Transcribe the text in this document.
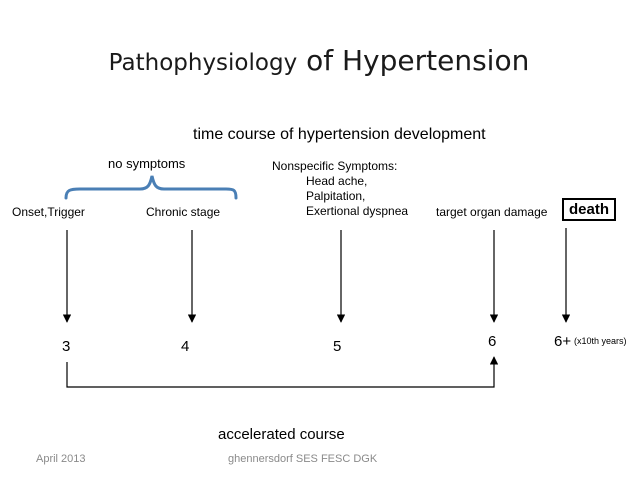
Pathophysiology of Hypertension
time course of hypertension development
no symptoms	Nonspecific Symptoms:
Head ache,
Palpitation,
Exertional dyspnea
Onset,Trigger	Chronic stage	target organ damage	death
3	4	5	6	6+ (x10th years)
accelerated course
April 2013	ghennersdorf SES FESC DGK
